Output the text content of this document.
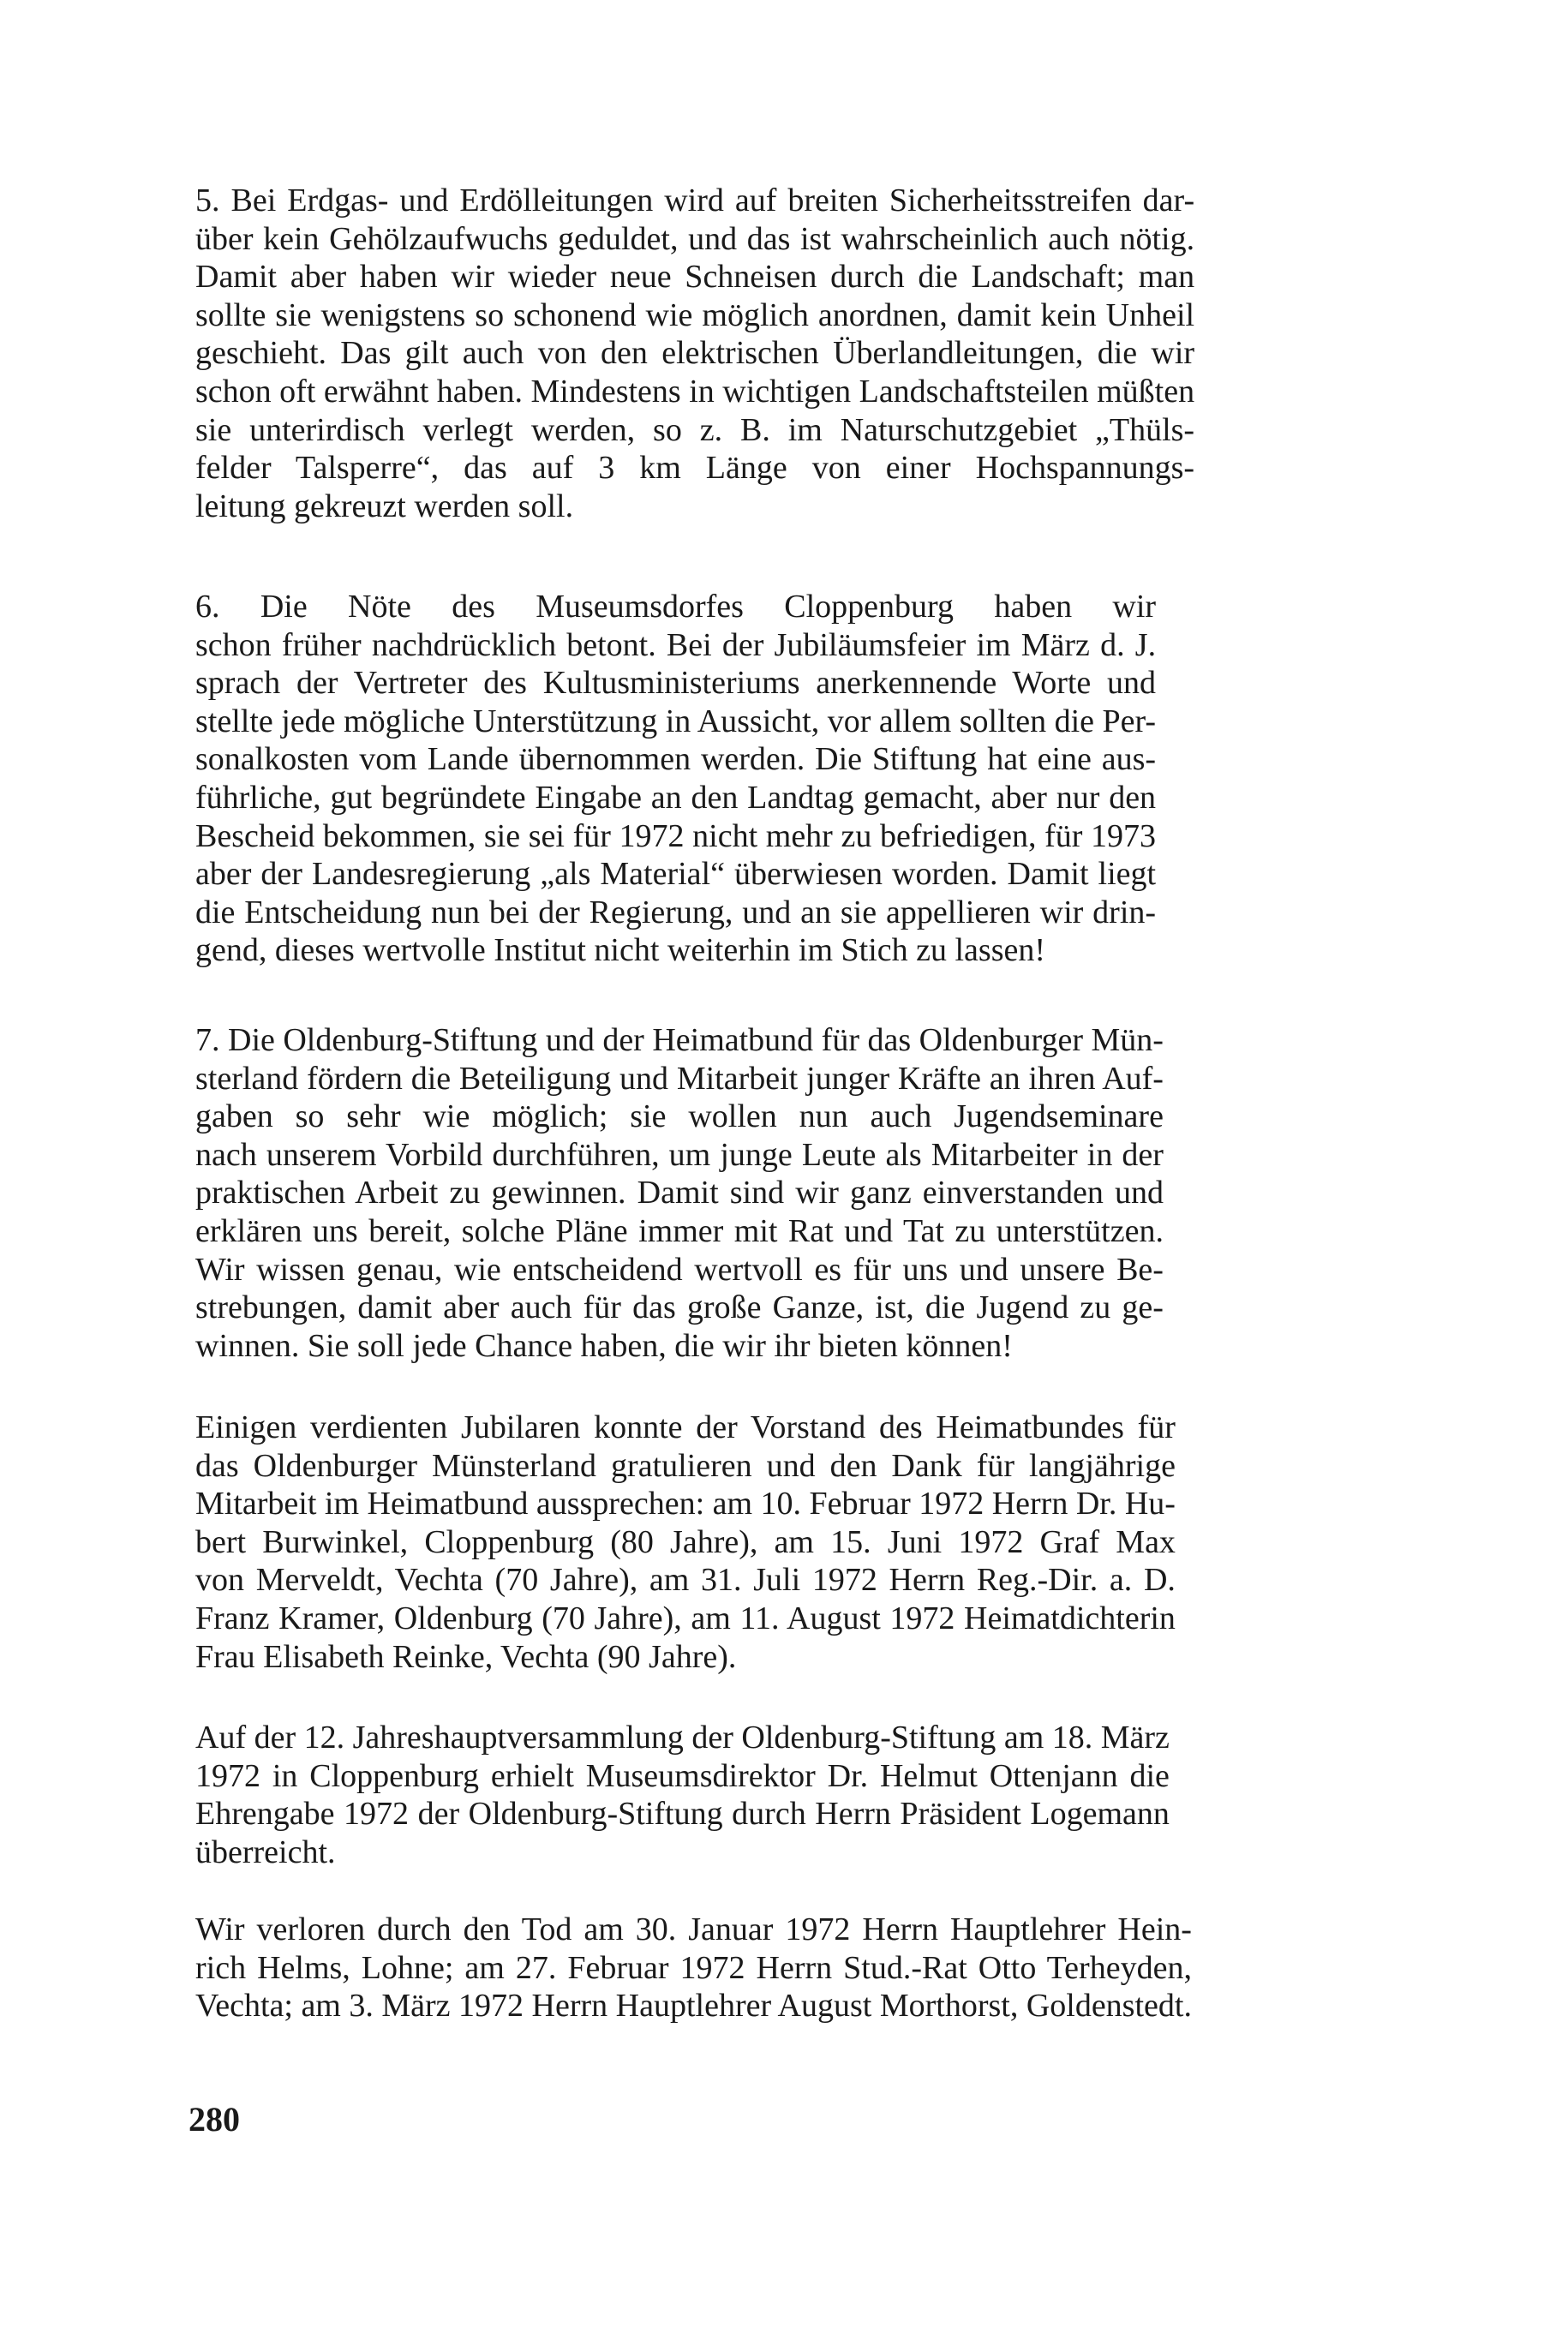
5. Bei Erdgas- und Erdölleitungen wird auf breiten Sicherheitsstreifen dar-
über kein Gehölzaufwuchs geduldet, und das ist wahrscheinlich auch nötig.
Damit aber haben wir wieder neue Schneisen durch die Landschaft; man
sollte sie wenigstens so schonend wie möglich anordnen, damit kein Unheil
geschieht. Das gilt auch von den elektrischen Überlandleitungen, die wir
schon oft erwähnt haben. Mindestens in wichtigen Landschaftsteilen müßten
sie unterirdisch verlegt werden, so z. B. im Naturschutzgebiet „Thüls-
felder Talsperre“, das auf 3 km Länge von einer Hochspannungs-
leitung gekreuzt werden soll.
6. Die Nöte des Museumsdorfes Cloppenburg haben wir
schon früher nachdrücklich betont. Bei der Jubiläumsfeier im März d. J.
sprach der Vertreter des Kultusministeriums anerkennende Worte und
stellte jede mögliche Unterstützung in Aussicht, vor allem sollten die Per-
sonalkosten vom Lande übernommen werden. Die Stiftung hat eine aus-
führliche, gut begründete Eingabe an den Landtag gemacht, aber nur den
Bescheid bekommen, sie sei für 1972 nicht mehr zu befriedigen, für 1973
aber der Landesregierung „als Material“ überwiesen worden. Damit liegt
die Entscheidung nun bei der Regierung, und an sie appellieren wir drin-
gend, dieses wertvolle Institut nicht weiterhin im Stich zu lassen!
7. Die Oldenburg-Stiftung und der Heimatbund für das Oldenburger Mün-
sterland fördern die Beteiligung und Mitarbeit junger Kräfte an ihren Auf-
gaben so sehr wie möglich; sie wollen nun auch Jugendseminare
nach unserem Vorbild durchführen, um junge Leute als Mitarbeiter in der
praktischen Arbeit zu gewinnen. Damit sind wir ganz einverstanden und
erklären uns bereit, solche Pläne immer mit Rat und Tat zu unterstützen.
Wir wissen genau, wie entscheidend wertvoll es für uns und unsere Be-
strebungen, damit aber auch für das große Ganze, ist, die Jugend zu ge-
winnen. Sie soll jede Chance haben, die wir ihr bieten können!
Einigen verdienten Jubilaren konnte der Vorstand des Heimatbundes für
das Oldenburger Münsterland gratulieren und den Dank für langjährige
Mitarbeit im Heimatbund aussprechen: am 10. Februar 1972 Herrn Dr. Hu-
bert Burwinkel, Cloppenburg (80 Jahre), am 15. Juni 1972 Graf Max
von Merveldt, Vechta (70 Jahre), am 31. Juli 1972 Herrn Reg.-Dir. a. D.
Franz Kramer, Oldenburg (70 Jahre), am 11. August 1972 Heimatdichterin
Frau Elisabeth Reinke, Vechta (90 Jahre).
Auf der 12. Jahreshauptversammlung der Oldenburg-Stiftung am 18. März
1972 in Cloppenburg erhielt Museumsdirektor Dr. Helmut Ottenjann die
Ehrengabe 1972 der Oldenburg-Stiftung durch Herrn Präsident Logemann
überreicht.
Wir verloren durch den Tod am 30. Januar 1972 Herrn Hauptlehrer Hein-
rich Helms, Lohne; am 27. Februar 1972 Herrn Stud.-Rat Otto Terheyden,
Vechta; am 3. März 1972 Herrn Hauptlehrer August Morthorst, Goldenstedt.
280
